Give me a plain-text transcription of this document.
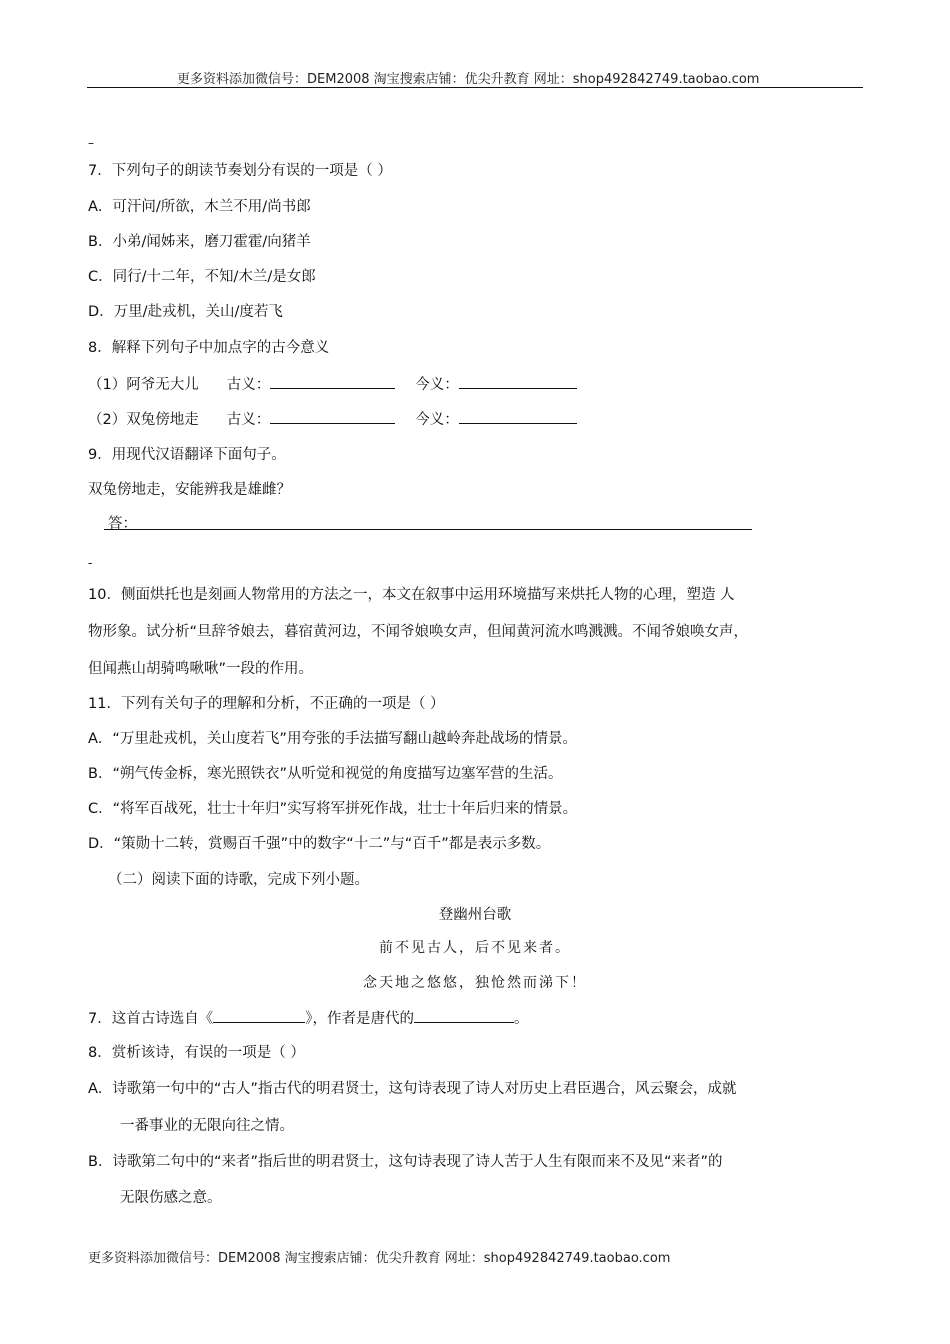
更多资料添加微信号：DEM2008 淘宝搜索店铺：优尖升教育 网址：shop492842749.taobao.com
–
7．下列句子的朗读节奏划分有误的一项是（ ）
A．可汗问/所欲，木兰不用/尚书郎
B．小弟/闻姊来，磨刀霍霍/向猪羊
C．同行/十二年，不知/木兰/是女郎
D．万里/赴戎机，关山/度若飞
8．解释下列句子中加点字的古今意义
（1）阿爷无大儿 古义：	今义：
（2）双兔傍地走 古义：	今义：
9．用现代汉语翻译下面句子。
双兔傍地走，安能辨我是雄雌？
答：
-
10．侧面烘托也是刻画人物常用的方法之一，本文在叙事中运用环境描写来烘托人物的心理，塑造 人
物形象。试分析“旦辞爷娘去，暮宿黄河边，不闻爷娘唤女声，但闻黄河流水鸣溅溅。不闻爷娘唤女声，
但闻燕山胡骑鸣啾啾”一段的作用。
11．下列有关句子的理解和分析，不正确的一项是（ ）
A．“万里赴戎机，关山度若飞”用夸张的手法描写翻山越岭奔赴战场的情景。
B．“朔气传金柝，寒光照铁衣”从听觉和视觉的角度描写边塞军营的生活。
C．“将军百战死，壮士十年归”实写将军拼死作战，壮士十年后归来的情景。
D．“策勋十二转，赏赐百千强”中的数字“十二”与“百千”都是表示多数。
（二）阅读下面的诗歌，完成下列小题。
登幽州台歌
前不见古人，后不见来者。
念天地之悠悠，独怆然而涕下！
7．这首古诗选自《	》，作者是唐代的	。
8．赏析该诗，有误的一项是（ ）
A．诗歌第一句中的“古人”指古代的明君贤士，这句诗表现了诗人对历史上君臣遇合，风云聚会，成就
一番事业的无限向往之情。
B．诗歌第二句中的“来者”指后世的明君贤士，这句诗表现了诗人苦于人生有限而来不及见“来者”的
无限伤感之意。
更多资料添加微信号：DEM2008 淘宝搜索店铺：优尖升教育 网址：shop492842749.taobao.com
